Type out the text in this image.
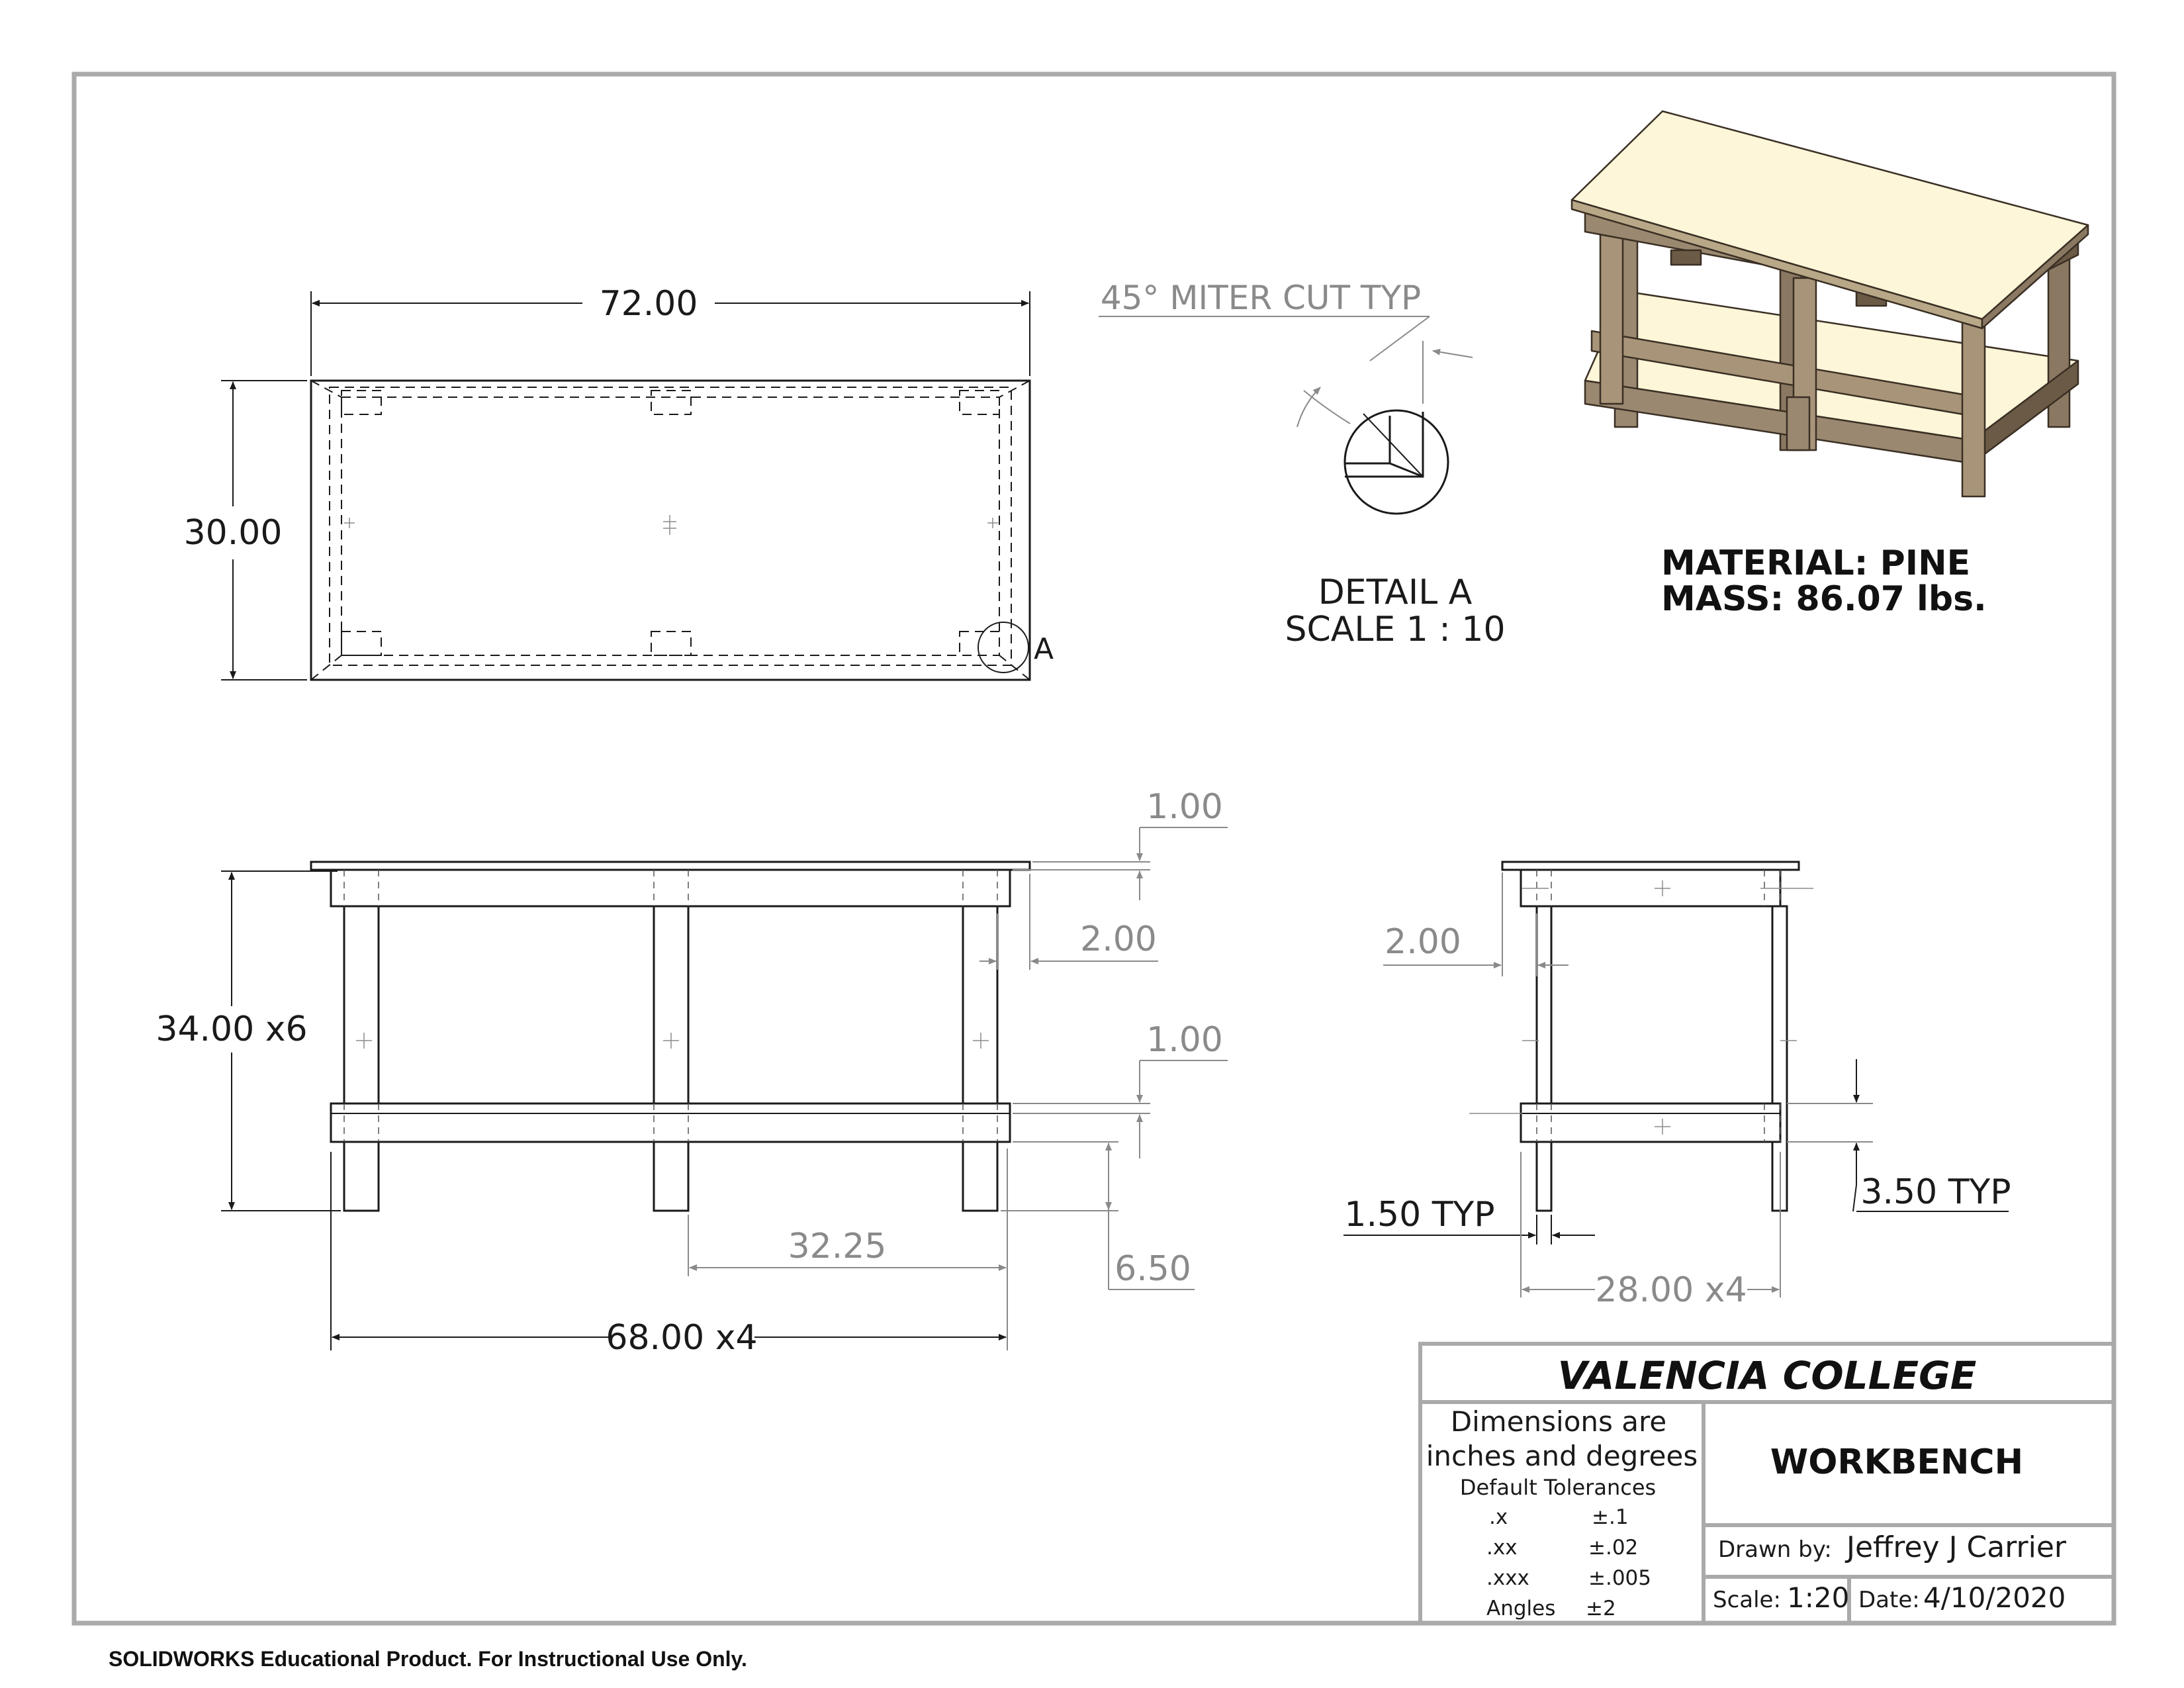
A
72.00
30.00
45° MITER CUT TYP
DETAIL A
SCALE 1 : 10
MATERIAL: PINE
MASS: 86.07 lbs.
34.00 x6
1.00
2.00
1.00
6.50
32.25
68.00 x4
2.00
3.50 TYP
1.50 TYP
28.00 x4
VALENCIA COLLEGE
Dimensions are
inches and degrees
Default Tolerances
.x	±.1
.xx	±.02
.xxx	±.005
Angles ±2
WORKBENCH
Drawn by: Jeffrey J Carrier
Scale: 1:20 Date: 4/10/2020
SOLIDWORKS Educational Product. For Instructional Use Only.
